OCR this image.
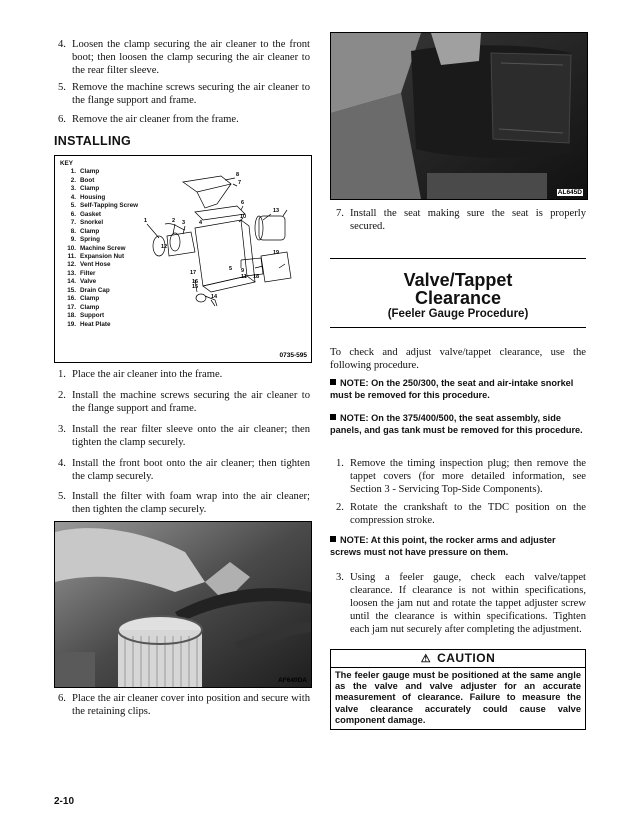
4. Loosen the clamp securing the air cleaner to the front boot; then loosen the clamp securing the air cleaner to the rear filter sleeve.
5. Remove the machine screws securing the air cleaner to the flange support and frame.
6. Remove the air cleaner from the frame.
INSTALLING
KEY
1. Clamp
2. Boot
3. Clamp
4. Housing
5. Self-Tapping Screw
6. Gasket
7. Snorkel
8. Clamp
9. Spring
10. Machine Screw
11. Expansion Nut
12. Vent Hose
13. Filter
14. Valve
15. Drain Cap
16. Clamp
17. Clamp
18. Support
19. Heat Plate
1	2 3	4
5
6
7
8
9
10
11
12
13
14
15
16
17
18
19
0735-595
1. Place the air cleaner into the frame.
2. Install the machine screws securing the air cleaner to the flange support and frame.
3. Install the rear filter sleeve onto the air cleaner; then tighten the clamp securely.
4. Install the front boot onto the air cleaner; then tighten the clamp securely.
5. Install the filter with foam wrap into the air cleaner; then tighten the clamp securely.
AF640DA
6. Place the air cleaner cover into position and secure with the retaining clips.
AL645D
7. Install the seat making sure the seat is properly secured.
Valve/Tappet
Clearance
(Feeler Gauge Procedure)
To check and adjust valve/tappet clearance, use the following procedure.
NOTE: On the 250/300, the seat and air-intake snorkel must be removed for this procedure.
NOTE: On the 375/400/500, the seat assembly, side panels, and gas tank must be removed for this procedure.
1. Remove the timing inspection plug; then remove the tappet covers (for more detailed information, see Section 3 - Servicing Top-Side Components).
2. Rotate the crankshaft to the TDC position on the compression stroke.
NOTE: At this point, the rocker arms and adjuster screws must not have pressure on them.
3. Using a feeler gauge, check each valve/tappet clearance. If clearance is not within specifications, loosen the jam nut and rotate the tappet adjuster screw until the clearance is within specifications. Tighten each jam nut securely after completing the adjustment.
⚠ CAUTION
The feeler gauge must be positioned at the same angle as the valve and valve adjuster for an accurate measurement of clearance. Failure to measure the valve clearance accurately could cause valve component damage.
2-10
